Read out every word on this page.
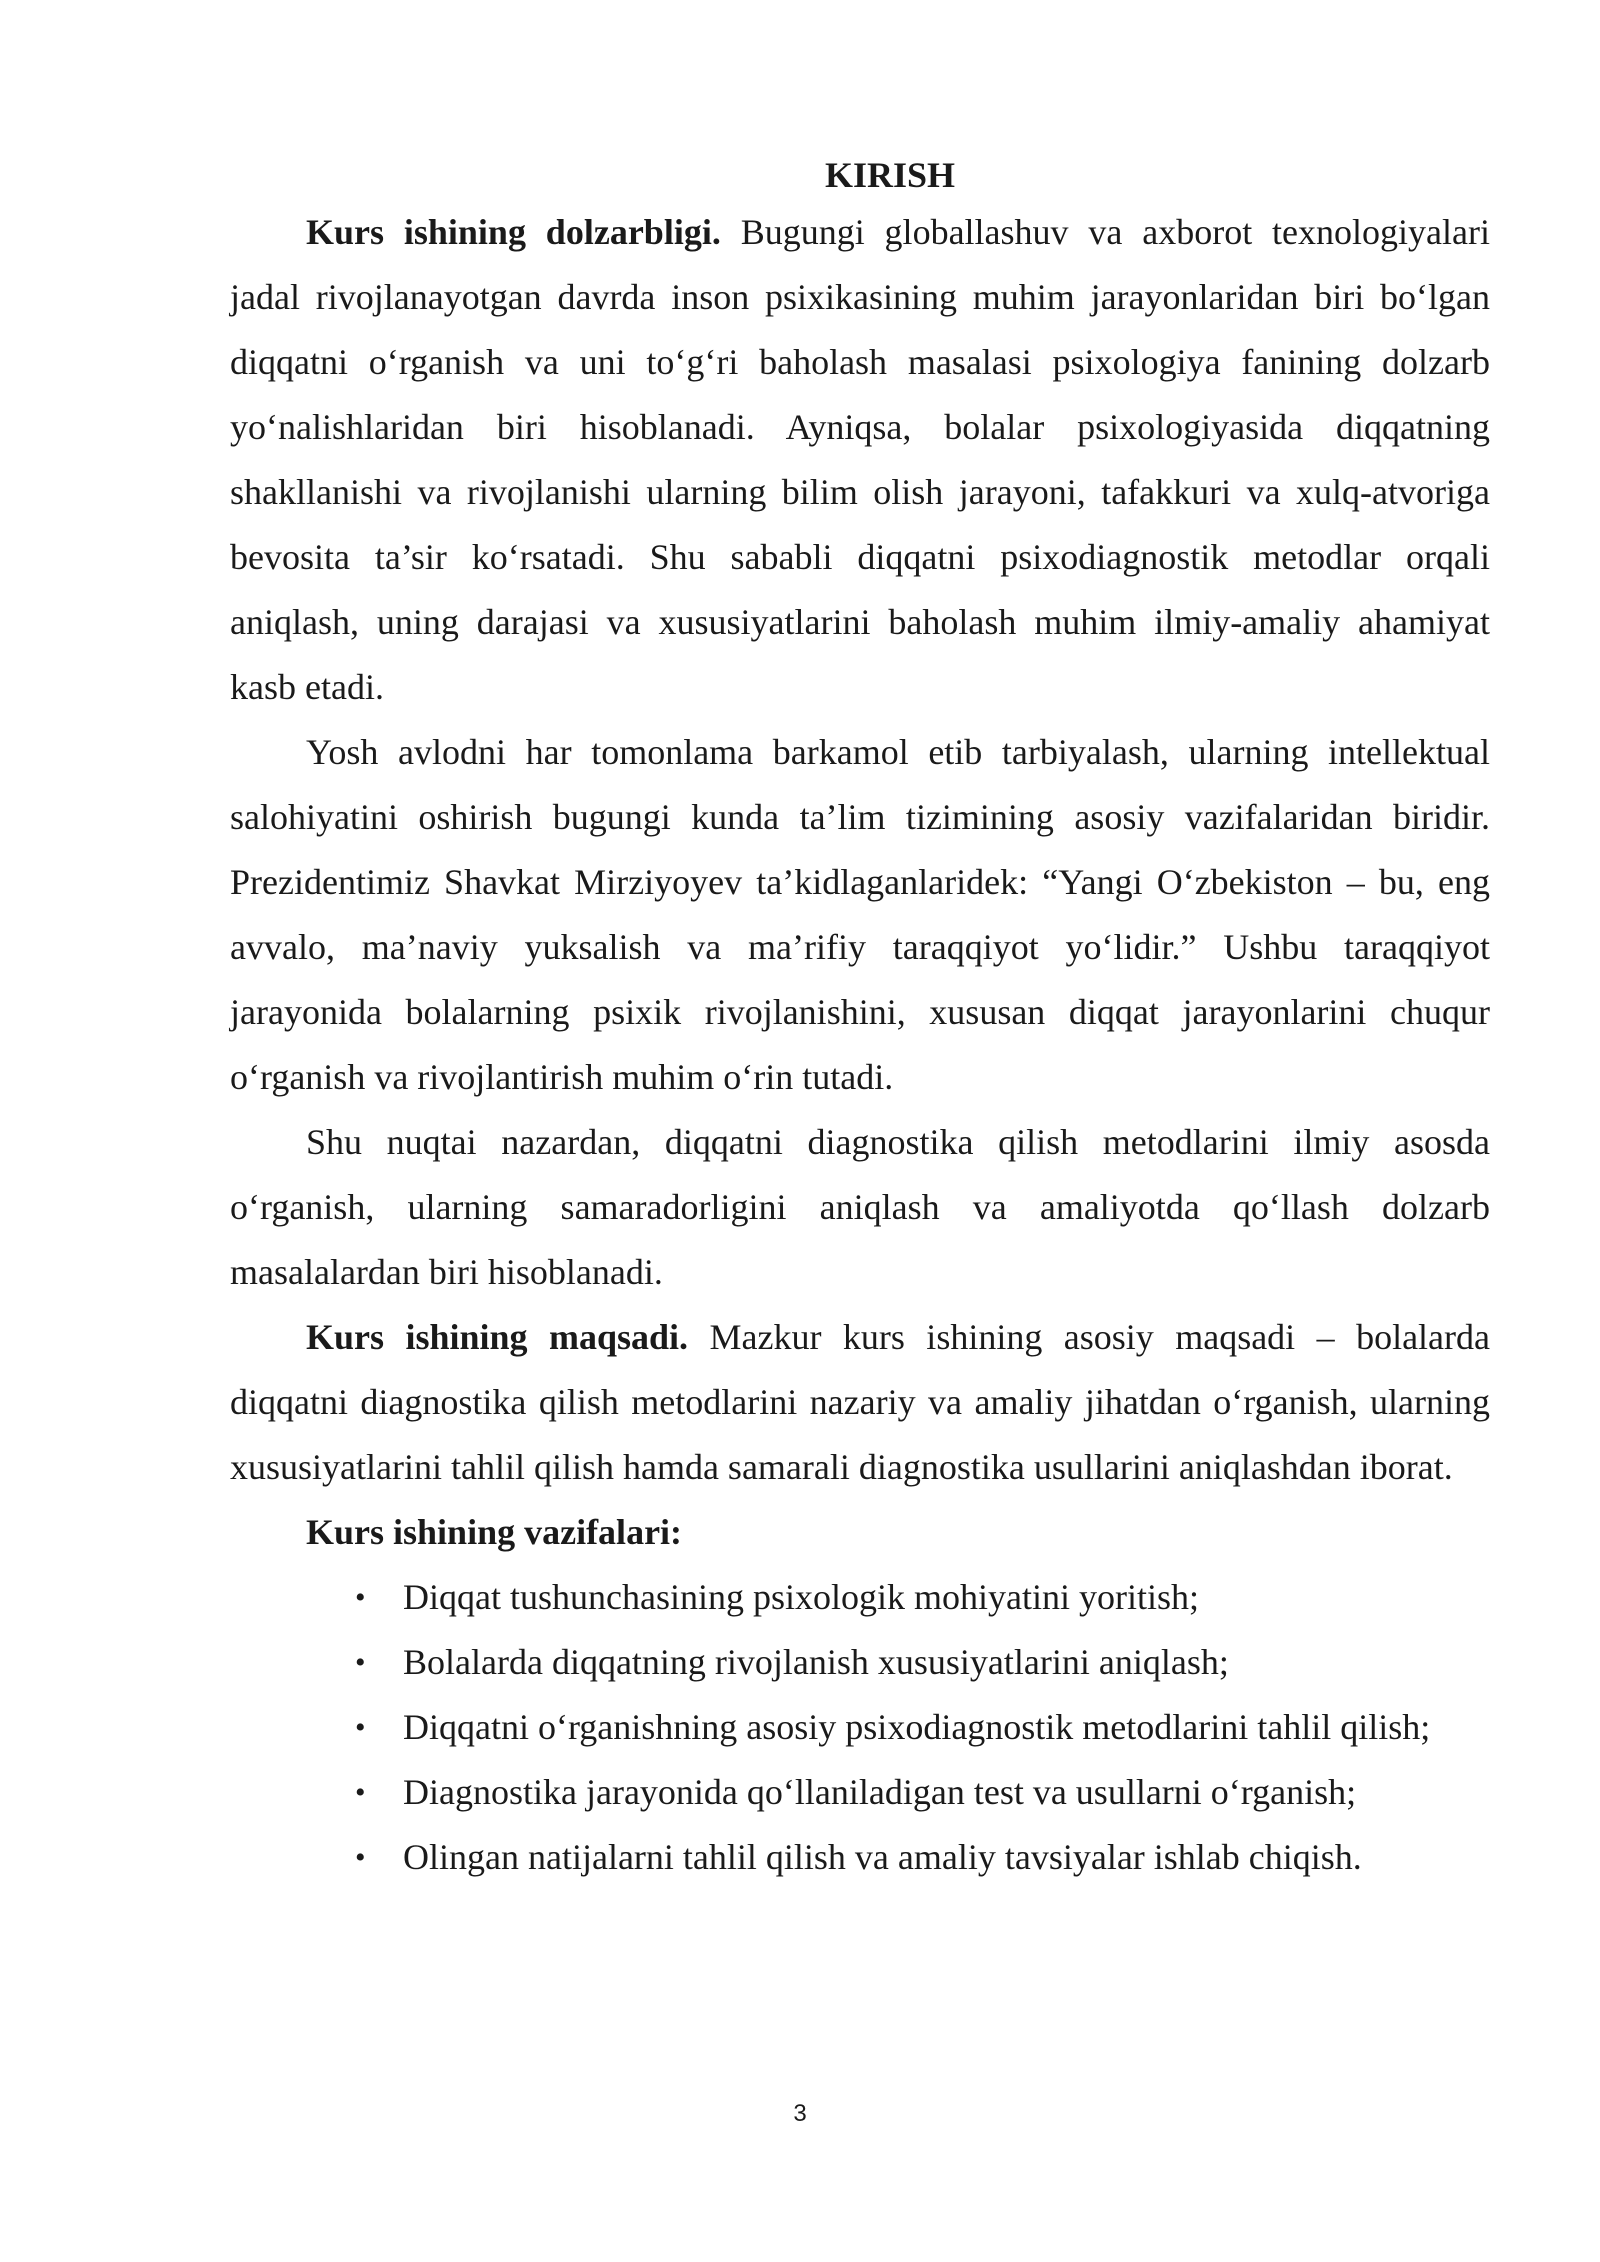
KIRISH

Kurs ishining dolzarbligi. Bugungi globallashuv va axborot texnologiyalari jadal rivojlanayotgan davrda inson psixikasining muhim jarayonlaridan biri bo‘lgan diqqatni o‘rganish va uni to‘g‘ri baholash masalasi psixologiya fanining dolzarb yo‘nalishlaridan biri hisoblanadi. Ayniqsa, bolalar psixologiyasida diqqatning shakllanishi va rivojlanishi ularning bilim olish jarayoni, tafakkuri va xulq-atvoriga bevosita ta’sir ko‘rsatadi. Shu sababli diqqatni psixodiagnostik metodlar orqali aniqlash, uning darajasi va xususiyatlarini baholash muhim ilmiy-amaliy ahamiyat kasb etadi.

Yosh avlodni har tomonlama barkamol etib tarbiyalash, ularning intellektual salohiyatini oshirish bugungi kunda ta’lim tizimining asosiy vazifalaridan biridir. Prezidentimiz Shavkat Mirziyoyev ta’kidlaganlaridek: “Yangi O‘zbekiston – bu, eng avvalo, ma’naviy yuksalish va ma’rifiy taraqqiyot yo‘lidir.” Ushbu taraqqiyot jarayonida bolalarning psixik rivojlanishini, xususan diqqat jarayonlarini chuqur o‘rganish va rivojlantirish muhim o‘rin tutadi.

Shu nuqtai nazardan, diqqatni diagnostika qilish metodlarini ilmiy asosda o‘rganish, ularning samaradorligini aniqlash va amaliyotda qo‘llash dolzarb masalalardan biri hisoblanadi.

Kurs ishining maqsadi. Mazkur kurs ishining asosiy maqsadi – bolalarda diqqatni diagnostika qilish metodlarini nazariy va amaliy jihatdan o‘rganish, ularning xususiyatlarini tahlil qilish hamda samarali diagnostika usullarini aniqlashdan iborat.

Kurs ishining vazifalari:
• Diqqat tushunchasining psixologik mohiyatini yoritish;
• Bolalarda diqqatning rivojlanish xususiyatlarini aniqlash;
• Diqqatni o‘rganishning asosiy psixodiagnostik metodlarini tahlil qilish;
• Diagnostika jarayonida qo‘llaniladigan test va usullarni o‘rganish;
• Olingan natijalarni tahlil qilish va amaliy tavsiyalar ishlab chiqish.
3
